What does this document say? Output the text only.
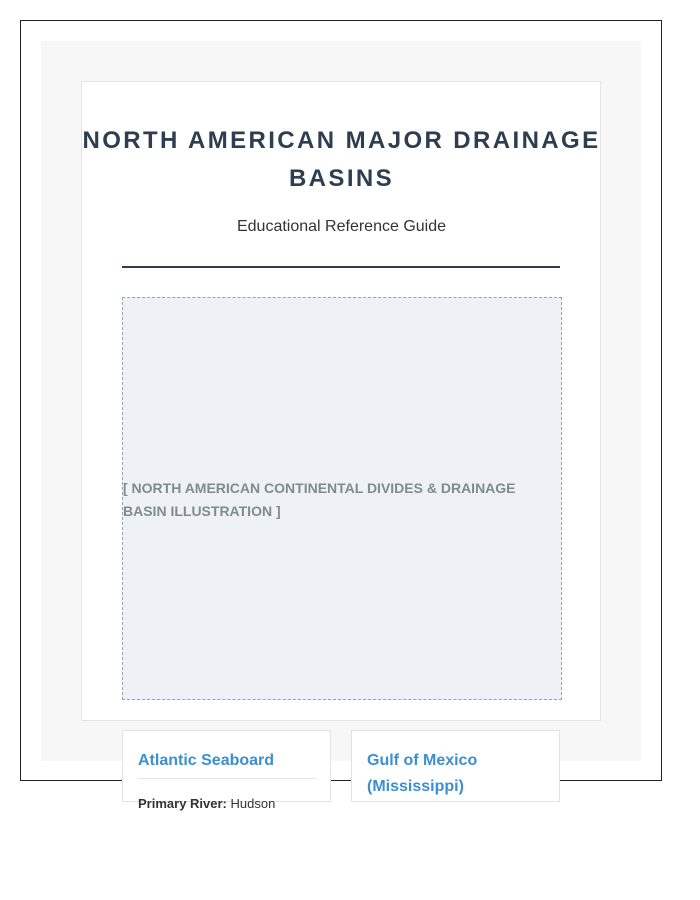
NORTH AMERICAN MAJOR DRAINAGE BASINS
Educational Reference Guide
[ NORTH AMERICAN CONTINENTAL DIVIDES & DRAINAGE BASIN ILLUSTRATION ]
Atlantic Seaboard
Primary River: Hudson
Gulf of Mexico (Mississippi)
